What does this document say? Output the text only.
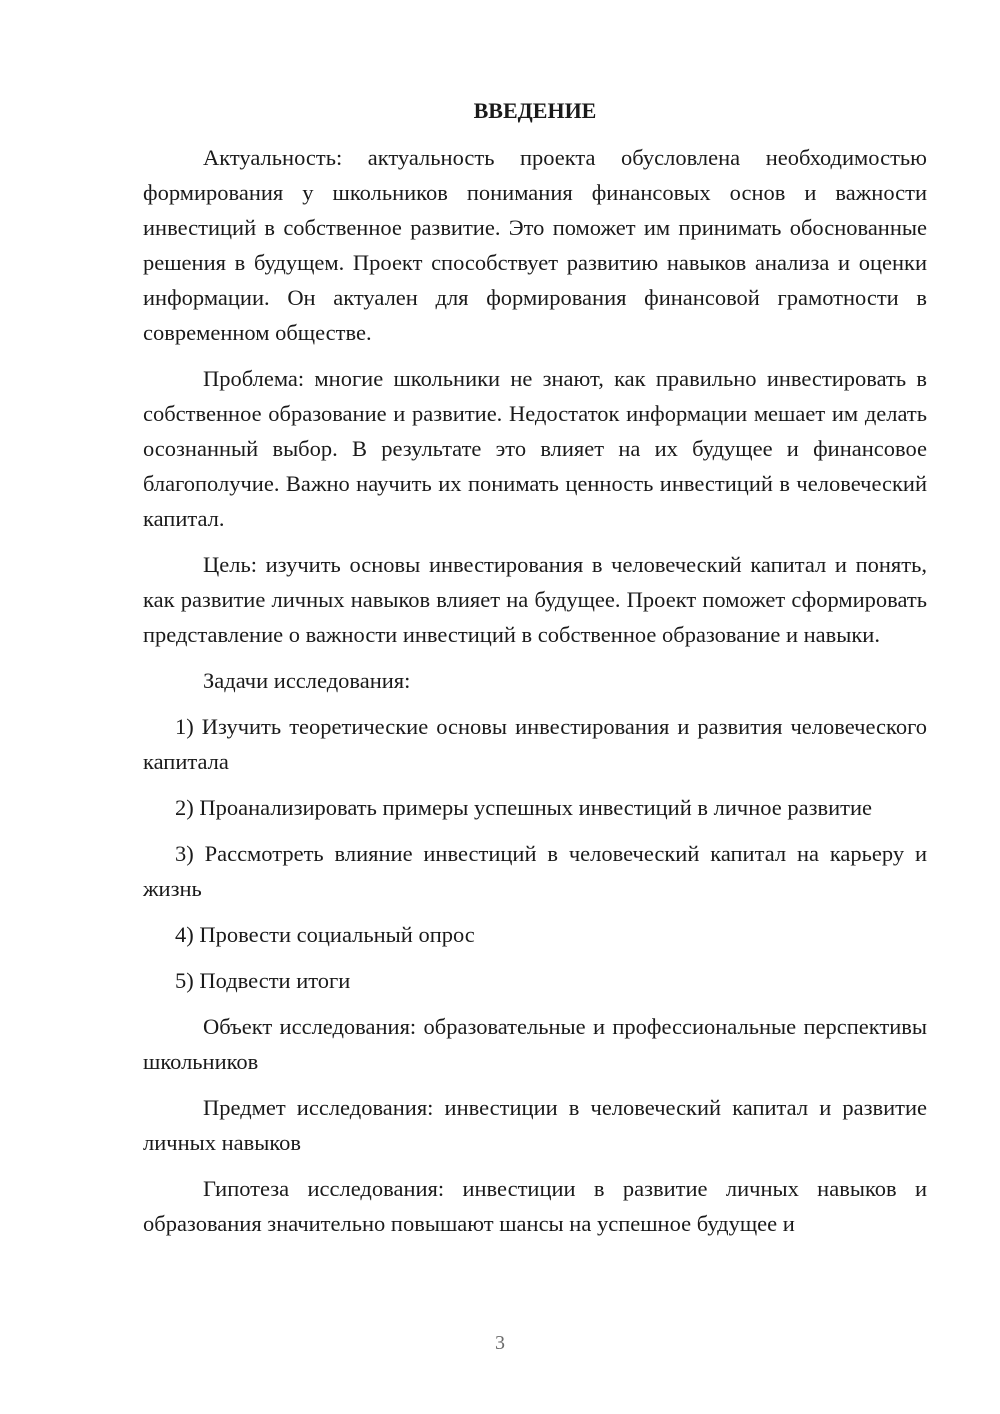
ВВЕДЕНИЕ

Актуальность: актуальность проекта обусловлена необходимостью формирования у школьников понимания финансовых основ и важности инвестиций в собственное развитие. Это поможет им принимать обоснованные решения в будущем. Проект способствует развитию навыков анализа и оценки информации. Он актуален для формирования финансовой грамотности в современном обществе.

Проблема: многие школьники не знают, как правильно инвестировать в собственное образование и развитие. Недостаток информации мешает им делать осознанный выбор. В результате это влияет на их будущее и финансовое благополучие. Важно научить их понимать ценность инвестиций в человеческий капитал.

Цель: изучить основы инвестирования в человеческий капитал и понять, как развитие личных навыков влияет на будущее. Проект поможет сформировать представление о важности инвестиций в собственное образование и навыки.

Задачи исследования:

1) Изучить теоретические основы инвестирования и развития человеческого капитала

2) Проанализировать примеры успешных инвестиций в личное развитие

3) Рассмотреть влияние инвестиций в человеческий капитал на карьеру и жизнь

4) Провести социальный опрос

5) Подвести итоги

Объект исследования: образовательные и профессиональные перспективы школьников

Предмет исследования: инвестиции в человеческий капитал и развитие личных навыков

Гипотеза исследования: инвестиции в развитие личных навыков и образования значительно повышают шансы на успешное будущее и

3
